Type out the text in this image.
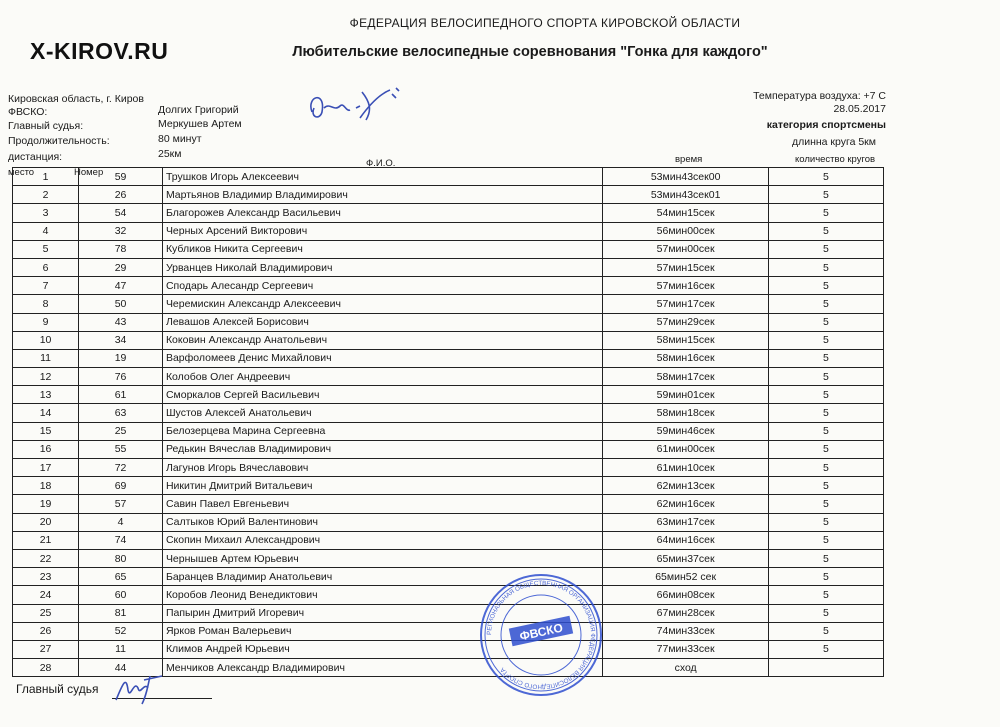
X-KIROV.RU
ФЕДЕРАЦИЯ ВЕЛОСИПЕДНОГО СПОРТА КИРОВСКОЙ ОБЛАСТИ
Любительские велосипедные соревнования "Гонка для каждого"
Кировская область, г. Киров
ФВСКО:	Долгих Григорий
Главный судья:	Меркушев Артем
Продолжительность:	80 минут
дистанция:	25км
Температура воздуха: +7 С
28.05.2017
категория спортсмены
длинна круга 5км
место	Номер
Ф.И.О.	время	количество кругов
1	59	Трушков Игорь Алексеевич	53мин43сек00	5
2	26	Мартьянов Владимир Владимирович	53мин43сек01	5
3	54	Благорожев Александр Васильевич	54мин15сек	5
4	32	Черных Арсений Викторович	56мин00сек	5
5	78	Кубликов Никита Сергеевич	57мин00сек	5
6	29	Урванцев Николай Владимирович	57мин15сек	5
7	47	Сподарь Алесандр Сергеевич	57мин16сек	5
8	50	Черемискин Александр Алексеевич	57мин17сек	5
9	43	Левашов Алексей Борисович	57мин29сек	5
10	34	Коковин Александр Анатольевич	58мин15сек	5
11	19	Варфоломеев Денис Михайлович	58мин16сек	5
12	76	Колобов Олег Андреевич	58мин17сек	5
13	61	Сморкалов Сергей Васильевич	59мин01сек	5
14	63	Шустов Алексей Анатольевич	58мин18сек	5
15	25	Белозерцева Марина Сергеевна	59мин46сек	5
16	55	Редькин Вячеслав Владимирович	61мин00сек	5
17	72	Лагунов Игорь Вячеславович	61мин10сек	5
18	69	Никитин Дмитрий Витальевич	62мин13сек	5
19	57	Савин Павел Евгеньевич	62мин16сек	5
20	4	Салтыков Юрий Валентинович	63мин17сек	5
21	74	Скопин Михаил Александрович	64мин16сек	5
22	80	Чернышев Артем Юрьевич	65мин37сек	5
23	65	Баранцев Владимир Анатольевич	65мин52 сек	5
24	60	Коробов Леонид Венедиктович	66мин08сек	5
25	81	Папырин Дмитрий Игоревич	67мин28сек	5
26	52	Ярков Роман Валерьевич	74мин33сек	5
27	11	Климов Андрей Юрьевич	77мин33сек	5
28	44	Менчиков Александр Владимирович	сход	
РЕГИОНАЛЬНАЯ ОБЩЕСТВЕННАЯ ОРГАНИЗАЦИЯ ФЕДЕРАЦИЯ ВЕЛОСИПЕДНОГО СПОРТА
ФВСКО
Главный судья
